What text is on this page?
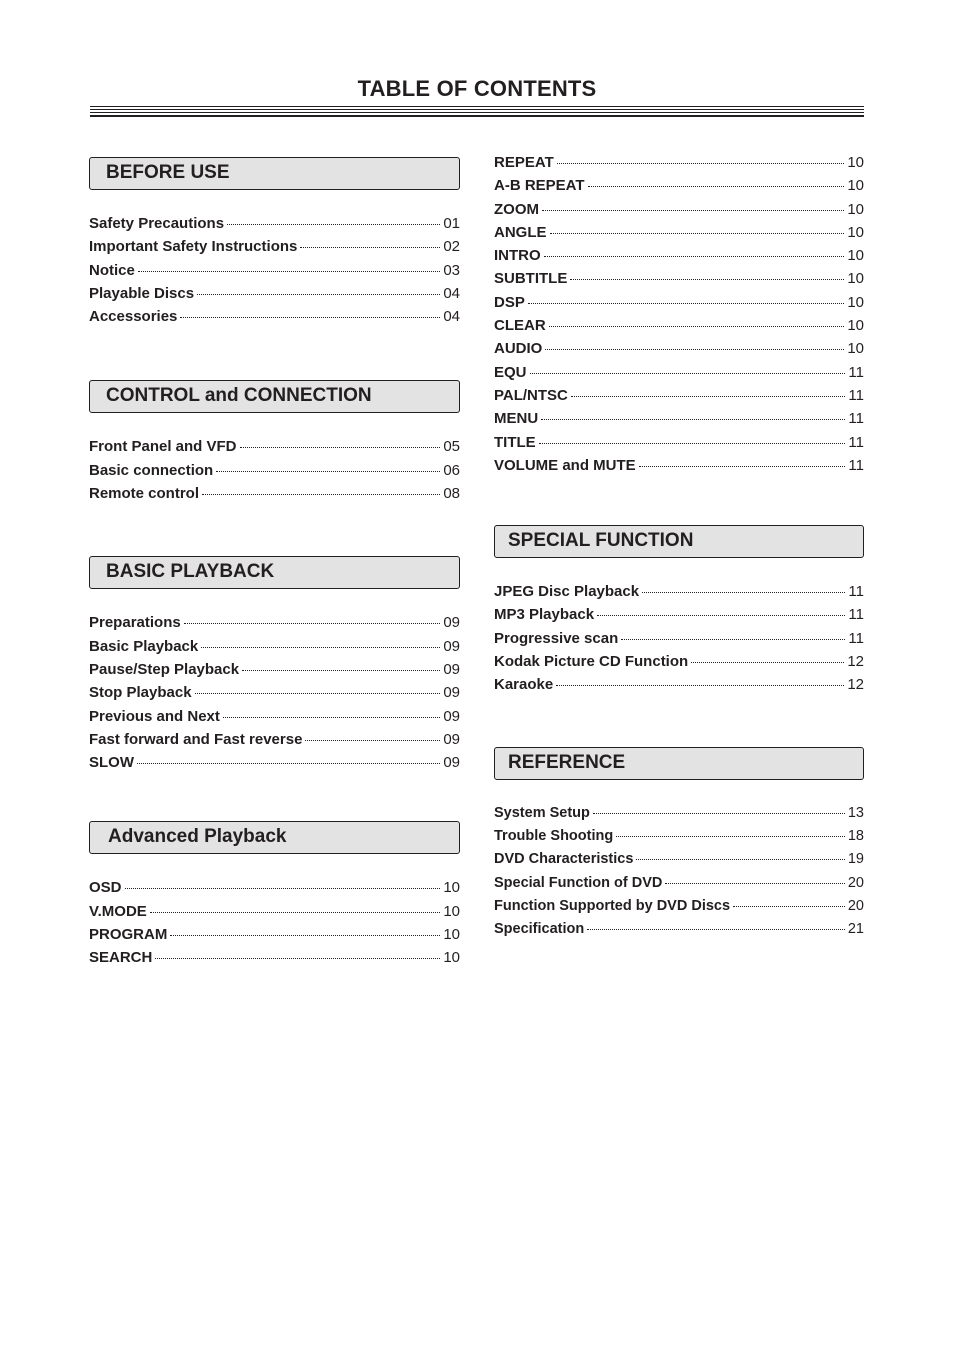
TABLE OF CONTENTS
BEFORE USE
Safety Precautions	01
Important Safety Instructions	02
Notice	03
Playable Discs	04
Accessories	04
CONTROL and CONNECTION
Front Panel and VFD	05
Basic connection	06
Remote control	08
BASIC PLAYBACK
Preparations	09
Basic Playback	09
Pause/Step Playback	09
Stop Playback	09
Previous and Next	09
Fast forward and Fast reverse	09
SLOW	09
Advanced Playback
OSD	10
V.MODE	10
PROGRAM	10
SEARCH	10
REPEAT	10
A-B REPEAT	10
ZOOM	10
ANGLE	10
INTRO	10
SUBTITLE	10
DSP	10
CLEAR	10
AUDIO	10
EQU	11
PAL/NTSC	11
MENU	11
TITLE	11
VOLUME and MUTE	11
SPECIAL FUNCTION
JPEG Disc Playback	11
MP3 Playback	11
Progressive scan	11
Kodak Picture CD Function	12
Karaoke	12
REFERENCE
System Setup	13
Trouble Shooting	18
DVD Characteristics	19
Special Function of DVD	20
Function Supported by DVD Discs	20
Specification	21
